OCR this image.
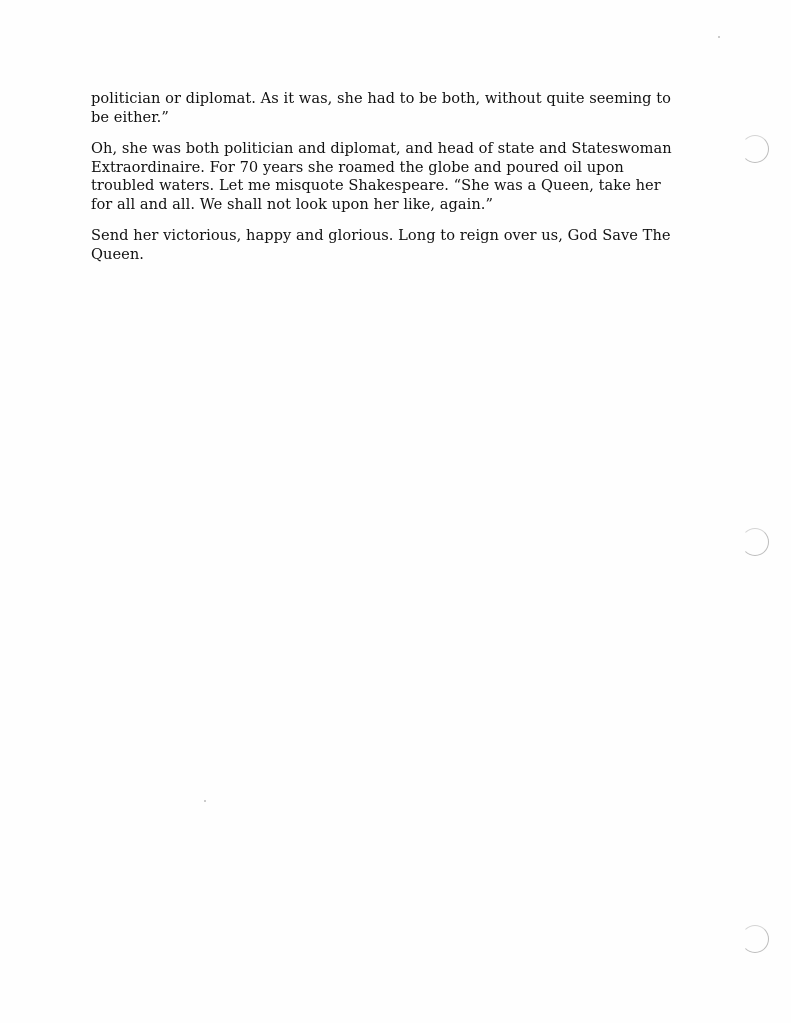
politician or diplomat. As it was, she had to be both, without quite seeming to
be either.”

Oh, she was both politician and diplomat, and head of state and Stateswoman
Extraordinaire. For 70 years she roamed the globe and poured oil upon
troubled waters. Let me misquote Shakespeare. “She was a Queen, take her
for all and all. We shall not look upon her like, again.”

Send her victorious, happy and glorious. Long to reign over us, God Save The
Queen.
